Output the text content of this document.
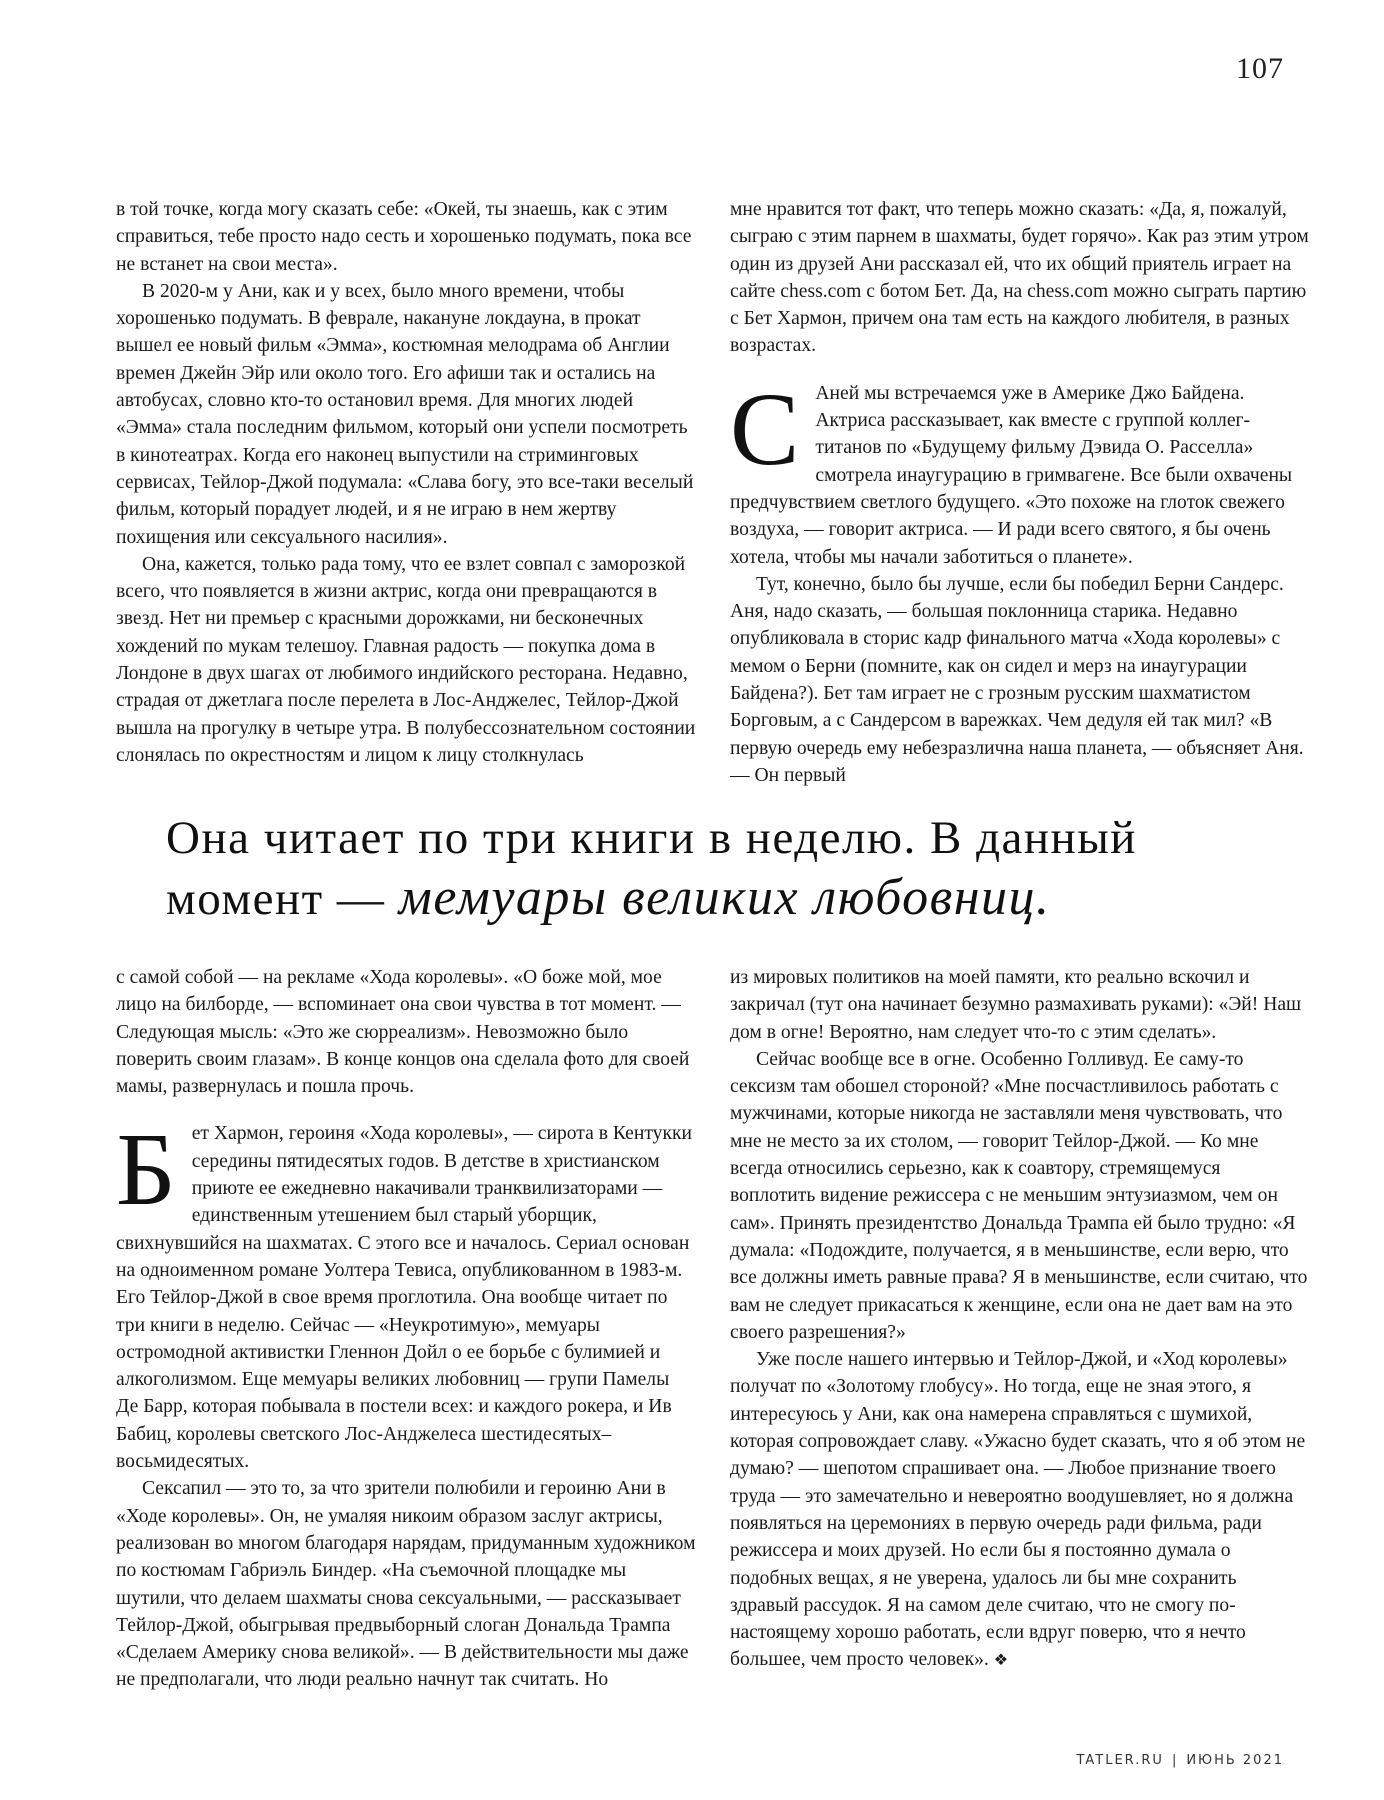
107

в той точке, когда могу сказать себе: «Окей, ты знаешь, как с этим справиться, тебе просто надо сесть и хорошенько подумать, пока все не встанет на свои места».

В 2020-м у Ани, как и у всех, было много времени, чтобы хорошенько подумать. В феврале, накануне локдауна, в прокат вышел ее новый фильм «Эмма», костюмная мелодрама об Англии времен Джейн Эйр или около того. Его афиши так и остались на автобусах, словно кто-то остановил время. Для многих людей «Эмма» стала последним фильмом, который они успели посмотреть в кинотеатрах. Когда его наконец выпустили на стриминговых сервисах, Тейлор-Джой подумала: «Слава богу, это все-таки веселый фильм, который порадует людей, и я не играю в нем жертву похищения или сексуального насилия».

Она, кажется, только рада тому, что ее взлет совпал с заморозкой всего, что появляется в жизни актрис, когда они превращаются в звезд. Нет ни премьер с красными дорожками, ни бесконечных хождений по мукам телешоу. Главная радость — покупка дома в Лондоне в двух шагах от любимого индийского ресторана. Недавно, страдая от джетлага после перелета в Лос-Анджелес, Тейлор-Джой вышла на прогулку в четыре утра. В полубессознательном состоянии слонялась по окрестностям и лицом к лицу столкнулась

мне нравится тот факт, что теперь можно сказать: «Да, я, пожалуй, сыграю с этим парнем в шахматы, будет горячо». Как раз этим утром один из друзей Ани рассказал ей, что их общий приятель играет на сайте chess.com с ботом Бет. Да, на chess.com можно сыграть партию с Бет Хармон, причем она там есть на каждого любителя, в разных возрастах.

С Аней мы встречаемся уже в Америке Джо Байдена. Актриса рассказывает, как вместе с группой коллег-титанов по «Будущему фильму Дэвида О. Расселла» смотрела инаугурацию в гримвагене. Все были охвачены предчувствием светлого будущего. «Это похоже на глоток свежего воздуха, — говорит актриса. — И ради всего святого, я бы очень хотела, чтобы мы начали заботиться о планете».

Тут, конечно, было бы лучше, если бы победил Берни Сандерс. Аня, надо сказать, — большая поклонница старика. Недавно опубликовала в сторис кадр финального матча «Хода королевы» с мемом о Берни (помните, как он сидел и мерз на инаугурации Байдена?). Бет там играет не с грозным русским шахматистом Борговым, а с Сандерсом в варежках. Чем дедуля ей так мил? «В первую очередь ему небезразлична наша планета, — объясняет Аня. — Он первый

Она читает по три книги в неделю. В данный момент — мемуары великих любовниц.

с самой собой — на рекламе «Хода королевы». «О боже мой, мое лицо на билборде, — вспоминает она свои чувства в тот момент. — Следующая мысль: «Это же сюрреализм». Невозможно было поверить своим глазам». В конце концов она сделала фото для своей мамы, развернулась и пошла прочь.

Б ет Хармон, героиня «Хода королевы», — сирота в Кентукки середины пятидесятых годов. В детстве в христианском приюте ее ежедневно накачивали транквилизаторами — единственным утешением был старый уборщик, свихнувшийся на шахматах. С этого все и началось. Сериал основан на одноименном романе Уолтера Тевиса, опубликованном в 1983-м. Его Тейлор-Джой в свое время проглотила. Она вообще читает по три книги в неделю. Сейчас — «Неукротимую», мемуары остромодной активистки Гленнон Дойл о ее борьбе с булимией и алкоголизмом. Еще мемуары великих любовниц — групи Памелы Де Барр, которая побывала в постели всех: и каждого рокера, и Ив Бабиц, королевы светского Лос-Анджелеса шестидесятых–восьмидесятых.

Сексапил — это то, за что зрители полюбили и героиню Ани в «Ходе королевы». Он, не умаляя никоим образом заслуг актрисы, реализован во многом благодаря нарядам, придуманным художником по костюмам Габриэль Биндер. «На съемочной площадке мы шутили, что делаем шахматы снова сексуальными, — рассказывает Тейлор-Джой, обыгрывая предвыборный слоган Дональда Трампа «Сделаем Америку снова великой». — В действительности мы даже не предполагали, что люди реально начнут так считать. Но

из мировых политиков на моей памяти, кто реально вскочил и закричал (тут она начинает безумно размахивать руками): «Эй! Наш дом в огне! Вероятно, нам следует что-то с этим сделать».

Сейчас вообще все в огне. Особенно Голливуд. Ее саму-то сексизм там обошел стороной? «Мне посчастливилось работать с мужчинами, которые никогда не заставляли меня чувствовать, что мне не место за их столом, — говорит Тейлор-Джой. — Ко мне всегда относились серьезно, как к соавтору, стремящемуся воплотить видение режиссера с не меньшим энтузиазмом, чем он сам». Принять президентство Дональда Трампа ей было трудно: «Я думала: «Подождите, получается, я в меньшинстве, если верю, что все должны иметь равные права? Я в меньшинстве, если считаю, что вам не следует прикасаться к женщине, если она не дает вам на это своего разрешения?»

Уже после нашего интервью и Тейлор-Джой, и «Ход королевы» получат по «Золотому глобусу». Но тогда, еще не зная этого, я интересуюсь у Ани, как она намерена справляться с шумихой, которая сопровождает славу. «Ужасно будет сказать, что я об этом не думаю? — шепотом спрашивает она. — Любое признание твоего труда — это замечательно и невероятно воодушевляет, но я должна появляться на церемониях в первую очередь ради фильма, ради режиссера и моих друзей. Но если бы я постоянно думала о подобных вещах, я не уверена, удалось ли бы мне сохранить здравый рассудок. Я на самом деле считаю, что не смогу по-настоящему хорошо работать, если вдруг поверю, что я нечто большее, чем просто человек». ❖

TATLER.RU | ИЮНЬ 2021
